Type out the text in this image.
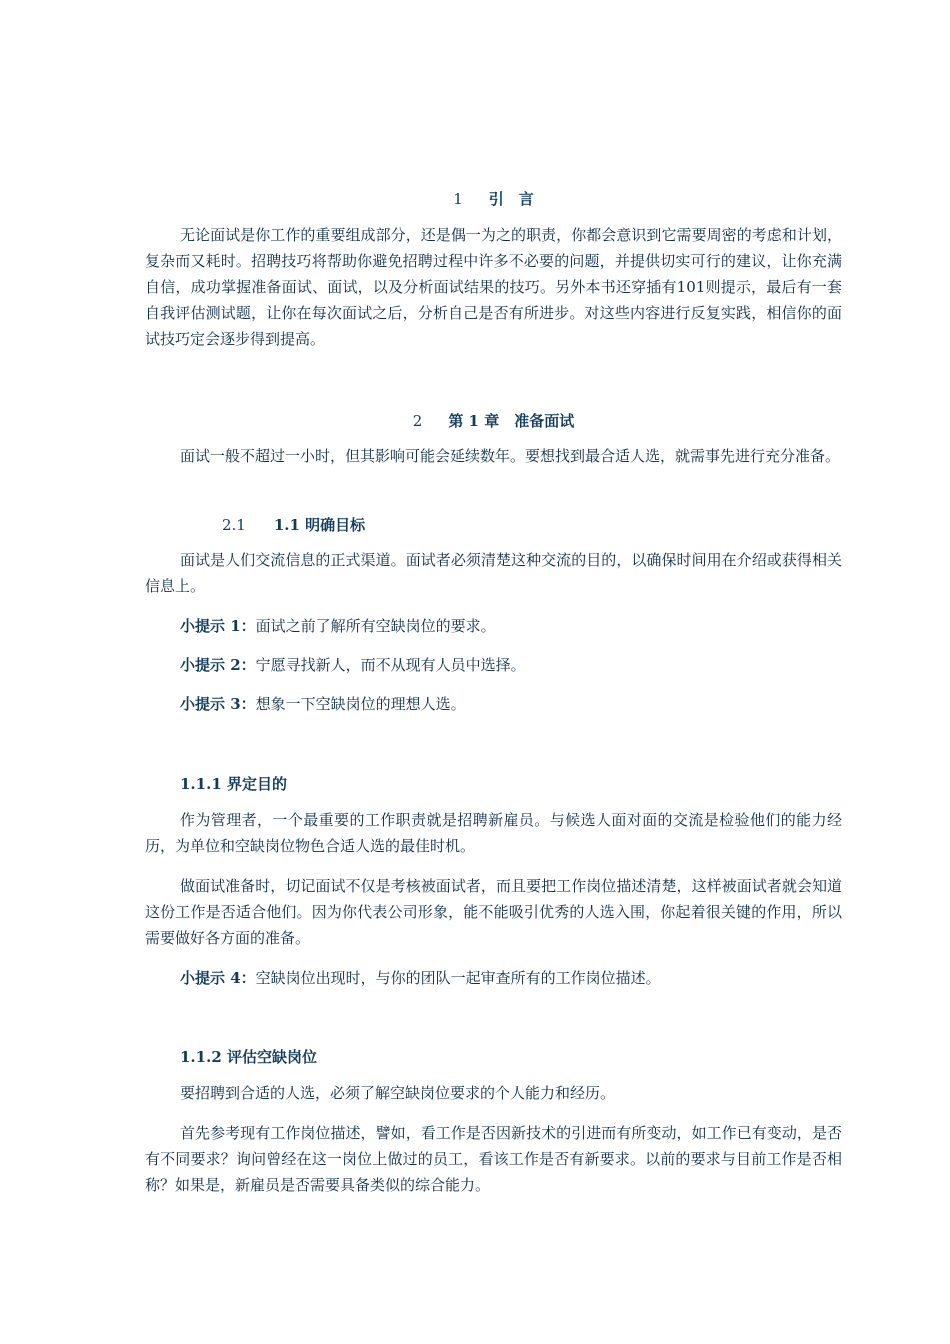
1 引　言

无论面试是你工作的重要组成部分，还是偶一为之的职责，你都会意识到它需要周密的考虑和计划，复杂而又耗时。招聘技巧将帮助你避免招聘过程中许多不必要的问题，并提供切实可行的建议，让你充满自信，成功掌握准备面试、面试，以及分析面试结果的技巧。另外本书还穿插有101则提示，最后有一套自我评估测试题，让你在每次面试之后，分析自己是否有所进步。对这些内容进行反复实践，相信你的面试技巧定会逐步得到提高。

2 第 1 章　准备面试

面试一般不超过一小时，但其影响可能会延续数年。要想找到最合适人选，就需事先进行充分准备。

2.1 1.1 明确目标

面试是人们交流信息的正式渠道。面试者必须清楚这种交流的目的，以确保时间用在介绍或获得相关信息上。

小提示 1：面试之前了解所有空缺岗位的要求。
小提示 2：宁愿寻找新人，而不从现有人员中选择。
小提示 3：想象一下空缺岗位的理想人选。
1.1.1 界定目的

作为管理者，一个最重要的工作职责就是招聘新雇员。与候选人面对面的交流是检验他们的能力经历，为单位和空缺岗位物色合适人选的最佳时机。

做面试准备时，切记面试不仅是考核被面试者，而且要把工作岗位描述清楚，这样被面试者就会知道这份工作是否适合他们。因为你代表公司形象，能不能吸引优秀的人选入围，你起着很关键的作用，所以需要做好各方面的准备。

小提示 4：空缺岗位出现时，与你的团队一起审查所有的工作岗位描述。
1.1.2 评估空缺岗位

要招聘到合适的人选，必须了解空缺岗位要求的个人能力和经历。

首先参考现有工作岗位描述，譬如，看工作是否因新技术的引进而有所变动，如工作已有变动，是否有不同要求？询问曾经在这一岗位上做过的员工，看该工作是否有新要求。以前的要求与目前工作是否相称？如果是，新雇员是否需要具备类似的综合能力。
